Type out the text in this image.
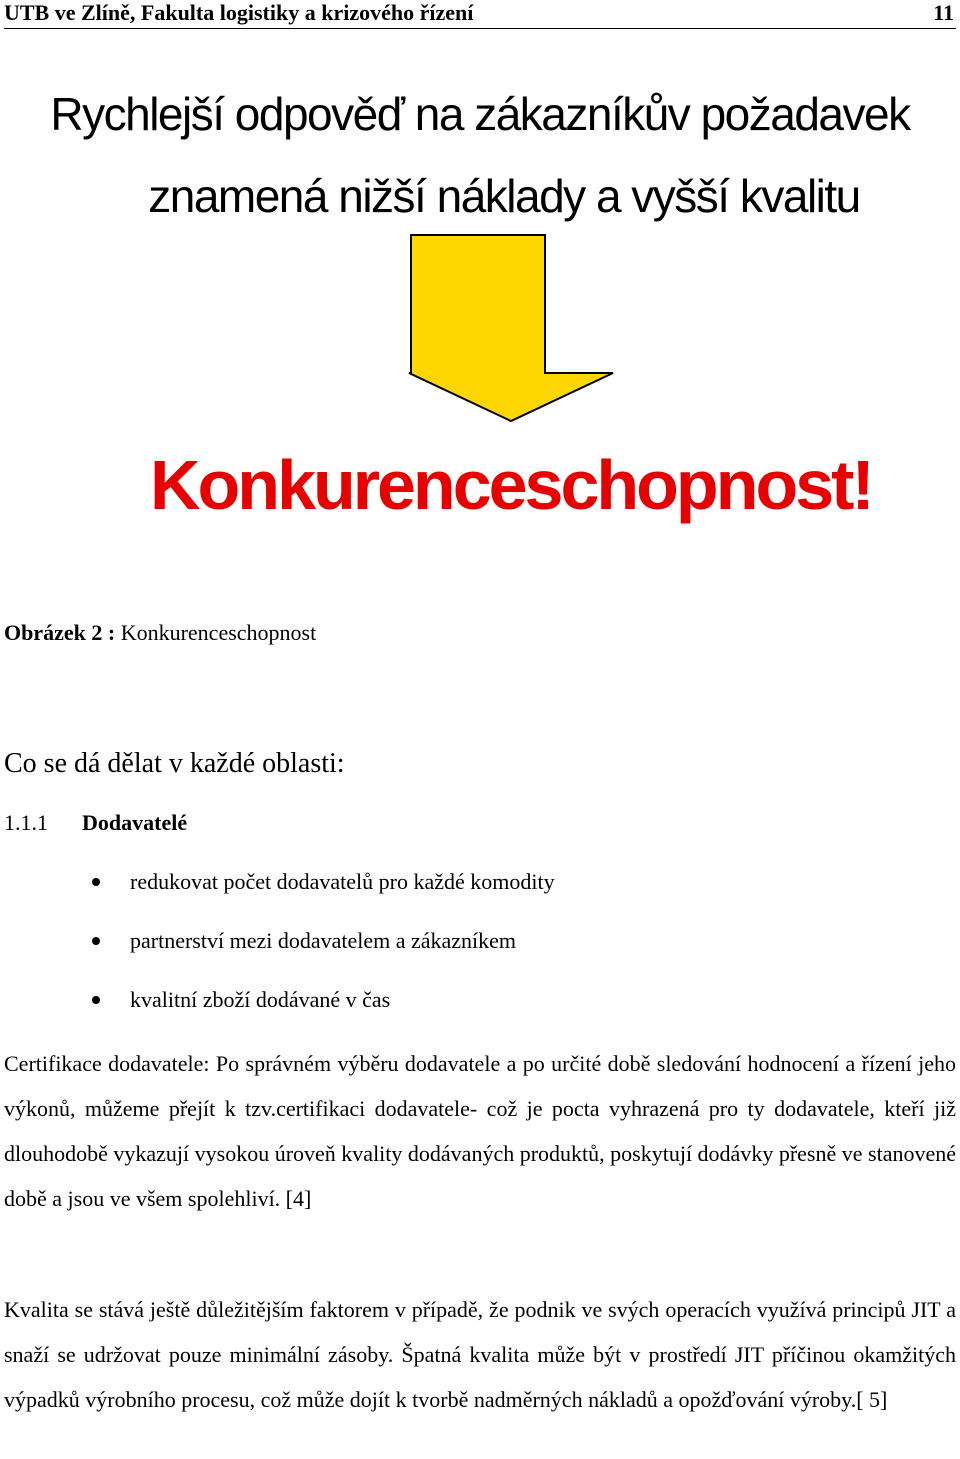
UTB ve Zlíně, Fakulta logistiky a krizového řízení	11
Rychlejší odpověď na zákazníkův požadavek
znamená nižší náklady a vyšší kvalitu
Konkurenceschopnost!
Obrázek 2 : Konkurenceschopnost
Co se dá dělat v každé oblasti:
1.1.1 Dodavatelé
redukovat počet dodavatelů pro každé komodity
partnerství mezi dodavatelem a zákazníkem
kvalitní zboží dodávané v čas

Certifikace dodavatele: Po správném výběru dodavatele a po určité době sledování hodnocení a řízení jeho výkonů, můžeme přejít k tzv.certifikaci dodavatele- což je pocta vyhrazená pro ty dodavatele, kteří již dlouhodobě vykazují vysokou úroveň kvality dodávaných produktů, poskytují dodávky přesně ve stanovené době a jsou ve všem spolehliví. [4]

Kvalita se stává ještě důležitějším faktorem v případě, že podnik ve svých operacích využívá principů JIT a snaží se udržovat pouze minimální zásoby. Špatná kvalita může být v prostředí JIT příčinou okamžitých výpadků výrobního procesu, což může dojít k tvorbě nadměrných nákladů a opožďování výroby.[ 5]
